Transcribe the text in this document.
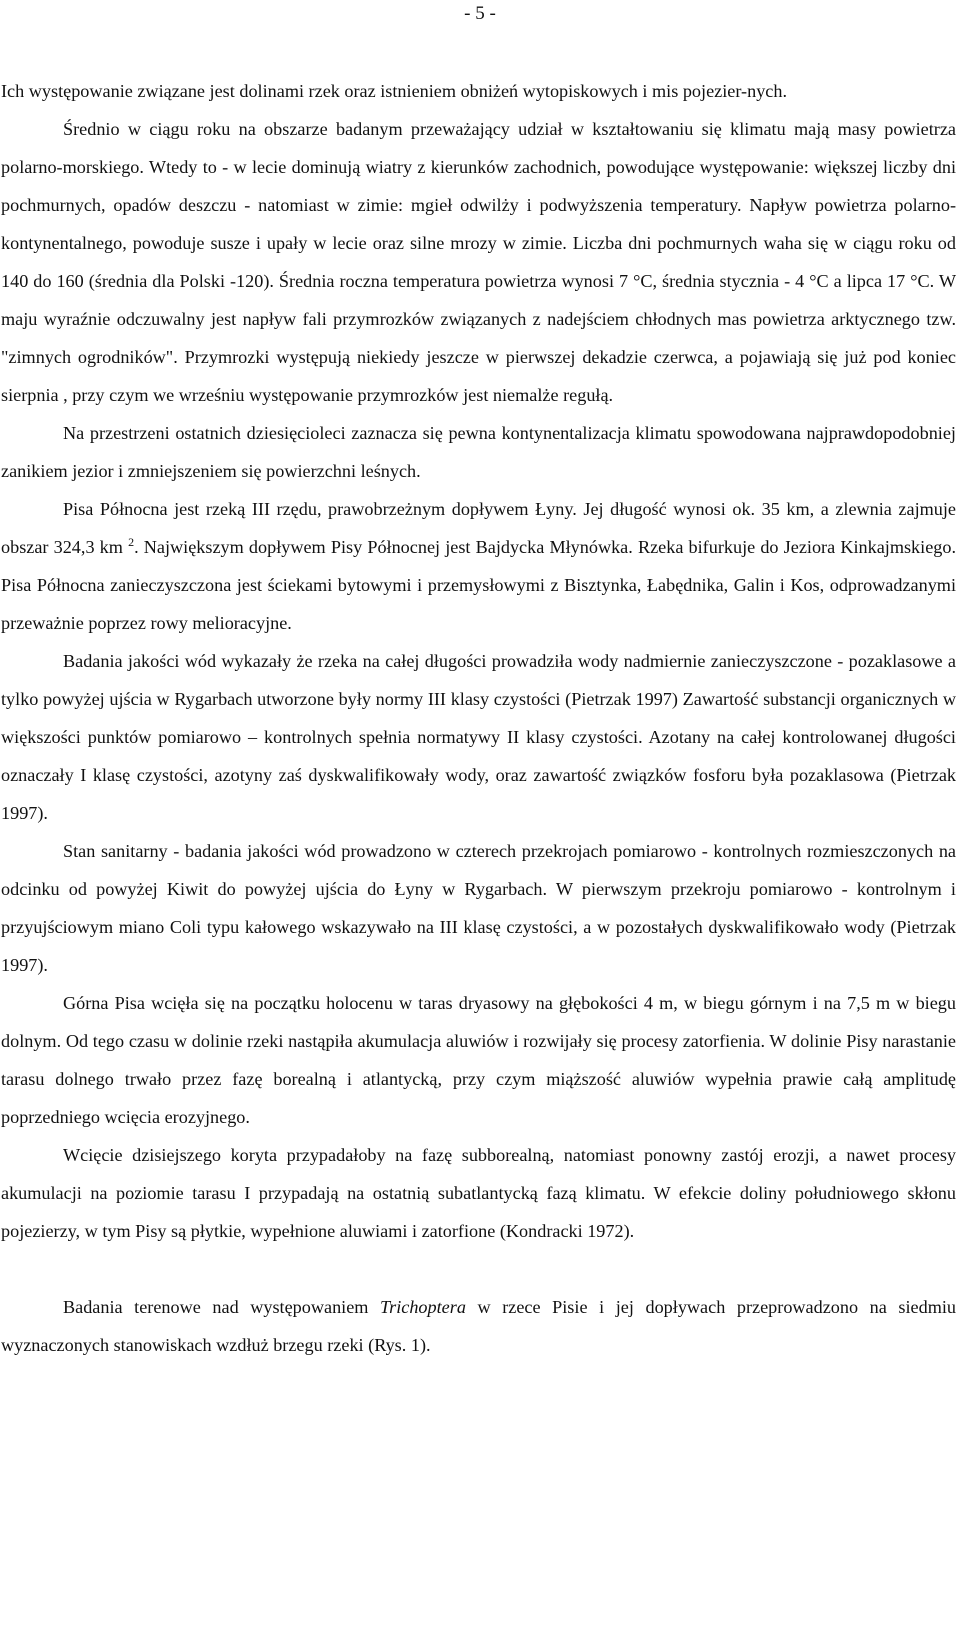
- 5 -

Ich występowanie związane jest dolinami rzek oraz istnieniem obniżeń wytopiskowych i mis pojezier-nych.

Średnio w ciągu roku na obszarze badanym przeważający udział w kształtowaniu się klimatu mają masy powietrza polarno-morskiego. Wtedy to - w lecie dominują wiatry z kierunków zachodnich, powodujące występowanie: większej liczby dni pochmurnych, opadów deszczu - natomiast w zimie: mgieł odwilży i podwyższenia temperatury. Napływ powietrza polarno-kontynentalnego, powoduje susze i upały w lecie oraz silne mrozy w zimie. Liczba dni pochmurnych waha się w ciągu roku od 140 do 160 (średnia dla Polski -120). Średnia roczna temperatura powietrza wynosi 7 °C, średnia stycznia - 4 °C a lipca 17 °C. W maju wyraźnie odczuwalny jest napływ fali przymrozków związanych z nadejściem chłodnych mas powietrza arktycznego tzw. "zimnych ogrodników". Przymrozki występują niekiedy jeszcze w pierwszej dekadzie czerwca, a pojawiają się już pod koniec sierpnia , przy czym we wrześniu występowanie przymrozków jest niemalże regułą.

Na przestrzeni ostatnich dziesięcioleci zaznacza się pewna kontynentalizacja klimatu spowodowana najprawdopodobniej zanikiem jezior i zmniejszeniem się powierzchni leśnych.

Pisa Północna jest rzeką III rzędu, prawobrzeżnym dopływem Łyny. Jej długość wynosi ok. 35 km, a zlewnia zajmuje obszar 324,3 km $^2$. Największym dopływem Pisy Północnej jest Bajdycka Młynówka. Rzeka bifurkuje do Jeziora Kinkajmskiego. Pisa Północna zanieczyszczona jest ściekami bytowymi i przemysłowymi z Bisztynka, Łabędnika, Galin i Kos, odprowadzanymi przeważnie poprzez rowy melioracyjne.

Badania jakości wód wykazały że rzeka na całej długości prowadziła wody nadmiernie zanieczyszczone - pozaklasowe a tylko powyżej ujścia w Rygarbach utworzone były normy III klasy czystości (Pietrzak 1997) Zawartość substancji organicznych w większości punktów pomiarowo – kontrolnych spełnia normatywy II klasy czystości. Azotany na całej kontrolowanej długości oznaczały I klasę czystości, azotyny zaś dyskwalifikowały wody, oraz zawartość związków fosforu była pozaklasowa (Pietrzak 1997).

Stan sanitarny - badania jakości wód prowadzono w czterech przekrojach pomiarowo - kontrolnych rozmieszczonych na odcinku od powyżej Kiwit do powyżej ujścia do Łyny w Rygarbach. W pierwszym przekroju pomiarowo - kontrolnym i przyujściowym miano Coli typu kałowego wskazywało na III klasę czystości, a w pozostałych dyskwalifikowało wody (Pietrzak 1997).

Górna Pisa wcięła się na początku holocenu w taras dryasowy na głębokości 4 m, w biegu górnym i na 7,5 m w biegu dolnym. Od tego czasu w dolinie rzeki nastąpiła akumulacja aluwiów i rozwijały się procesy zatorfienia. W dolinie Pisy narastanie tarasu dolnego trwało przez fazę borealną i atlantycką, przy czym miąższość aluwiów wypełnia prawie całą amplitudę poprzedniego wcięcia erozyjnego.

Wcięcie dzisiejszego koryta przypadałoby na fazę subborealną, natomiast ponowny zastój erozji, a nawet procesy akumulacji na poziomie tarasu I przypadają na ostatnią subatlantycką fazą klimatu. W efekcie doliny południowego skłonu pojezierzy, w tym Pisy są płytkie, wypełnione aluwiami i zatorfione (Kondracki 1972).

Badania terenowe nad występowaniem Trichoptera w rzece Pisie i jej dopływach przeprowadzono na siedmiu wyznaczonych stanowiskach wzdłuż brzegu rzeki (Rys. 1).
